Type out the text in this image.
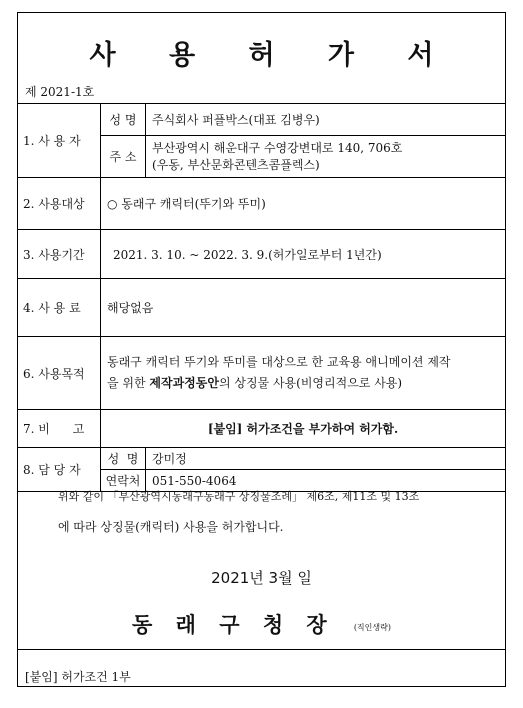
사 용 허 가 서
제 2021-1호
1. 사 용 자	성 명	주식회사 퍼플박스(대표 김병우)
	주 소	부산광역시 해운대구 수영강변대로 140, 706호
(우동, 부산문화콘텐츠콤플렉스)

2. 사용대상	○ 동래구 캐릭터(뚜기와 뚜미)	
3. 사용기간	2021. 3. 10. ~ 2022. 3. 9.(허가일로부터 1년간)	
4. 사 용 료	해당없음	
6. 사용목적	동래구 캐릭터 뚜기와 뚜미를 대상으로 한 교육용 애니메이션 제작
을 위한 제작과정동안의 상징물 사용(비영리적으로 사용)	

7. 비      고	[붙임] 허가조건을 부가하여 허가함.	
8. 담 당 자	성  명	강미정
	연락처	051-550-4064
위와 같이 「부산광역시동래구동래구 상징물조례」 제6조, 제11조 및 13조
에 따라 상징물(캐릭터) 사용을 허가합니다.
2021년 3월 일
동 래 구 청 장 (직인생략)
[붙임] 허가조건 1부
